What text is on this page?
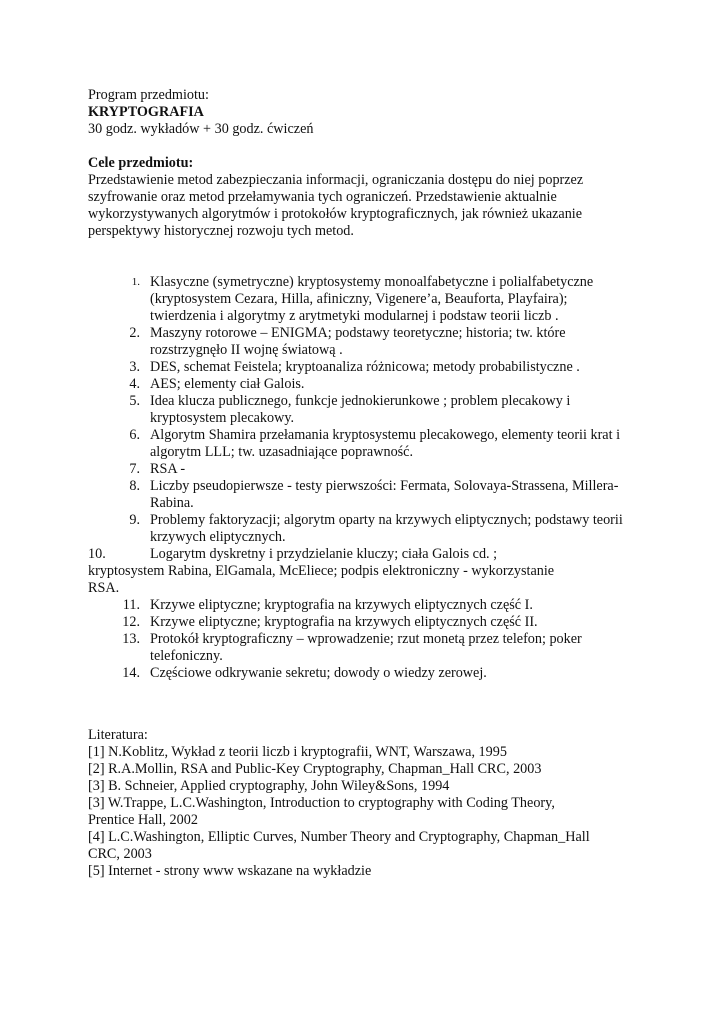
Program przedmiotu:
KRYPTOGRAFIA
30 godz. wykładów + 30 godz. ćwiczeń
Cele przedmiotu:
Przedstawienie metod zabezpieczania informacji, ograniczania dostępu do niej poprzez
szyfrowanie oraz metod przełamywania tych ograniczeń. Przedstawienie aktualnie
wykorzystywanych algorytmów i protokołów kryptograficznych, jak również ukazanie
perspektywy historycznej rozwoju tych metod.
1. Klasyczne (symetryczne) kryptosystemy monoalfabetyczne i polialfabetyczne
(kryptosystem Cezara, Hilla, afiniczny, Vigenere’a, Beauforta, Playfaira);
twierdzenia i algorytmy z arytmetyki modularnej i podstaw teorii liczb .
2. Maszyny rotorowe – ENIGMA; podstawy teoretyczne; historia; tw. które
rozstrzygnęło II wojnę światową .
3. DES, schemat Feistela; kryptoanaliza różnicowa; metody probabilistyczne .
4. AES; elementy ciał Galois.
5. Idea klucza publicznego, funkcje jednokierunkowe ; problem plecakowy i
kryptosystem plecakowy.
6. Algorytm Shamira przełamania kryptosystemu plecakowego, elementy teorii krat i
algorytm LLL; tw. uzasadniające poprawność.
7. RSA -
8. Liczby pseudopierwsze - testy pierwszości: Fermata, Solovaya-Strassena, Millera-
Rabina.
9. Problemy faktoryzacji; algorytm oparty na krzywych eliptycznych; podstawy teorii
krzywych eliptycznych.
10.	Logarytm dyskretny i przydzielanie kluczy; ciała Galois cd. ;
kryptosystem Rabina, ElGamala, McEliece; podpis elektroniczny - wykorzystanie
RSA.
11. Krzywe eliptyczne; kryptografia na krzywych eliptycznych część I.
12. Krzywe eliptyczne; kryptografia na krzywych eliptycznych część II.
13. Protokół kryptograficzny – wprowadzenie; rzut monetą przez telefon; poker
telefoniczny.
14. Częściowe odkrywanie sekretu; dowody o wiedzy zerowej.
Literatura:
[1] N.Koblitz, Wykład z teorii liczb i kryptografii, WNT, Warszawa, 1995
[2] R.A.Mollin, RSA and Public-Key Cryptography, Chapman_Hall CRC, 2003
[3] B. Schneier, Applied cryptography, John Wiley&Sons, 1994
[3] W.Trappe, L.C.Washington, Introduction to cryptography with Coding Theory,
Prentice Hall, 2002
[4] L.C.Washington, Elliptic Curves, Number Theory and Cryptography, Chapman_Hall
CRC, 2003
[5] Internet - strony www wskazane na wykładzie
